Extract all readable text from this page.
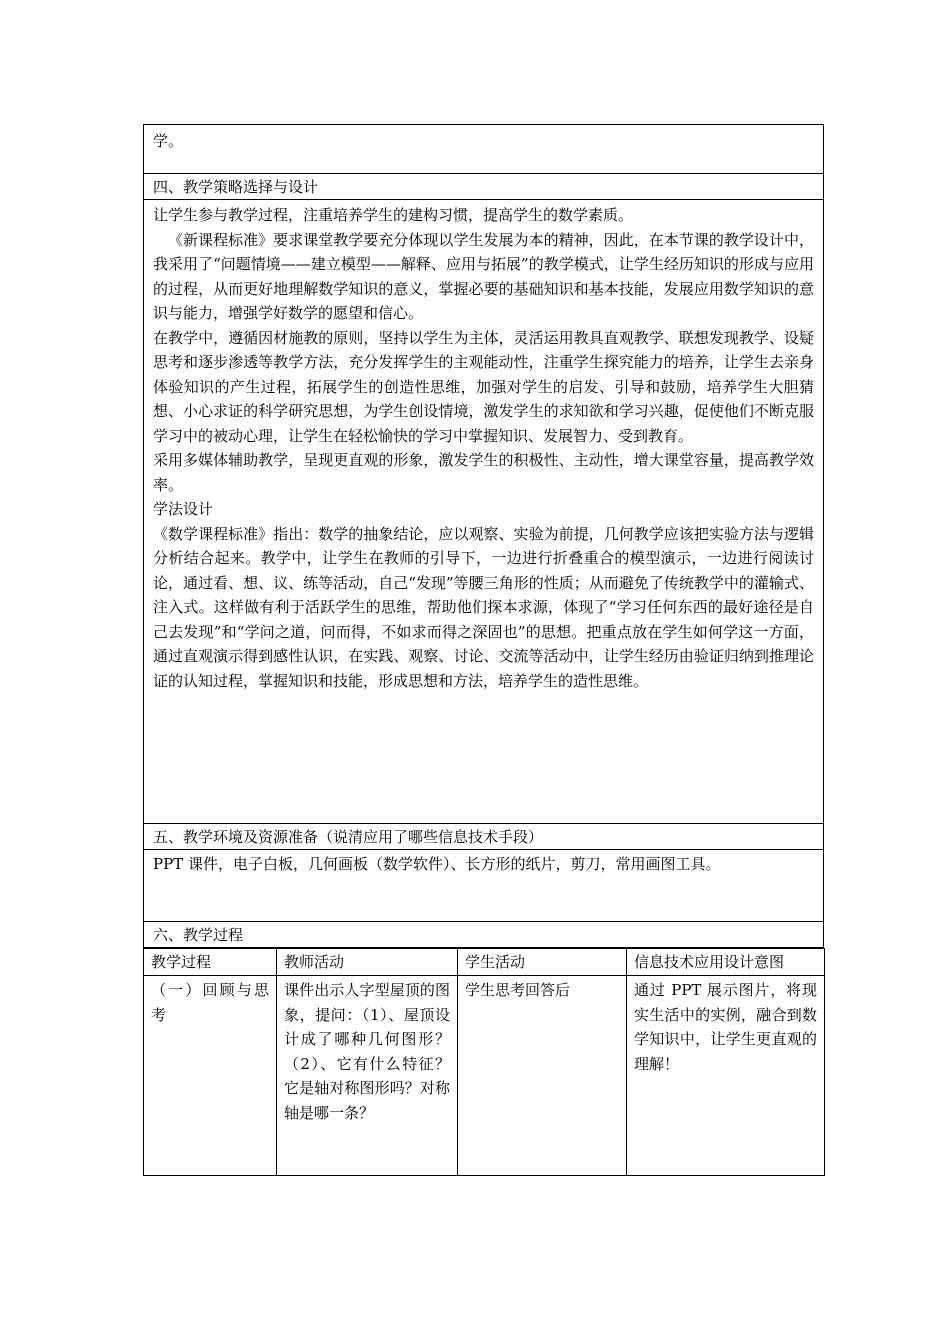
学。

四、教学策略选择与设计

让学生参与教学过程，注重培养学生的建构习惯，提高学生的数学素质。

《新课程标准》要求课堂教学要充分体现以学生发展为本的精神，因此，在本节课的教学设计中，我采用了“问题情境——建立模型——解释、应用与拓展”的教学模式，让学生经历知识的形成与应用的过程，从而更好地理解数学知识的意义，掌握必要的基础知识和基本技能，发展应用数学知识的意识与能力，增强学好数学的愿望和信心。

在教学中，遵循因材施教的原则，坚持以学生为主体，灵活运用教具直观教学、联想发现教学、设疑思考和逐步渗透等教学方法，充分发挥学生的主观能动性，注重学生探究能力的培养，让学生去亲身体验知识的产生过程，拓展学生的创造性思维，加强对学生的启发、引导和鼓励，培养学生大胆猜想、小心求证的科学研究思想，为学生创设情境，激发学生的求知欲和学习兴趣，促使他们不断克服学习中的被动心理，让学生在轻松愉快的学习中掌握知识、发展智力、受到教育。

采用多媒体辅助教学，呈现更直观的形象，激发学生的积极性、主动性，增大课堂容量，提高教学效率。

学法设计

《数学课程标准》指出：数学的抽象结论，应以观察、实验为前提，几何教学应该把实验方法与逻辑分析结合起来。教学中，让学生在教师的引导下，一边进行折叠重合的模型演示，一边进行阅读讨论，通过看、想、议、练等活动，自己“发现”等腰三角形的性质；从而避免了传统教学中的灌输式、注入式。这样做有利于活跃学生的思维，帮助他们探本求源，体现了“学习任何东西的最好途径是自己去发现”和“学问之道，问而得，不如求而得之深固也”的思想。把重点放在学生如何学这一方面，通过直观演示得到感性认识，在实践、观察、讨论、交流等活动中，让学生经历由验证归纳到推理论证的认知过程，掌握知识和技能，形成思想和方法，培养学生的造性思维。

五、教学环境及资源准备（说清应用了哪些信息技术手段）

PPT 课件，电子白板，几何画板（数学软件）、长方形的纸片，剪刀，常用画图工具。

六、教学过程
教学过程	教师活动	学生活动	信息技术应用设计意图
（一）回顾与思考	课件出示人字型屋顶的图象，提问：（1）、屋顶设计成了哪种几何图形？（2）、它有什么特征？它是轴对称图形吗？对称轴是哪一条？	学生思考回答后	通过 PPT 展示图片，将现实生活中的实例，融合到数学知识中，让学生更直观的理解！
